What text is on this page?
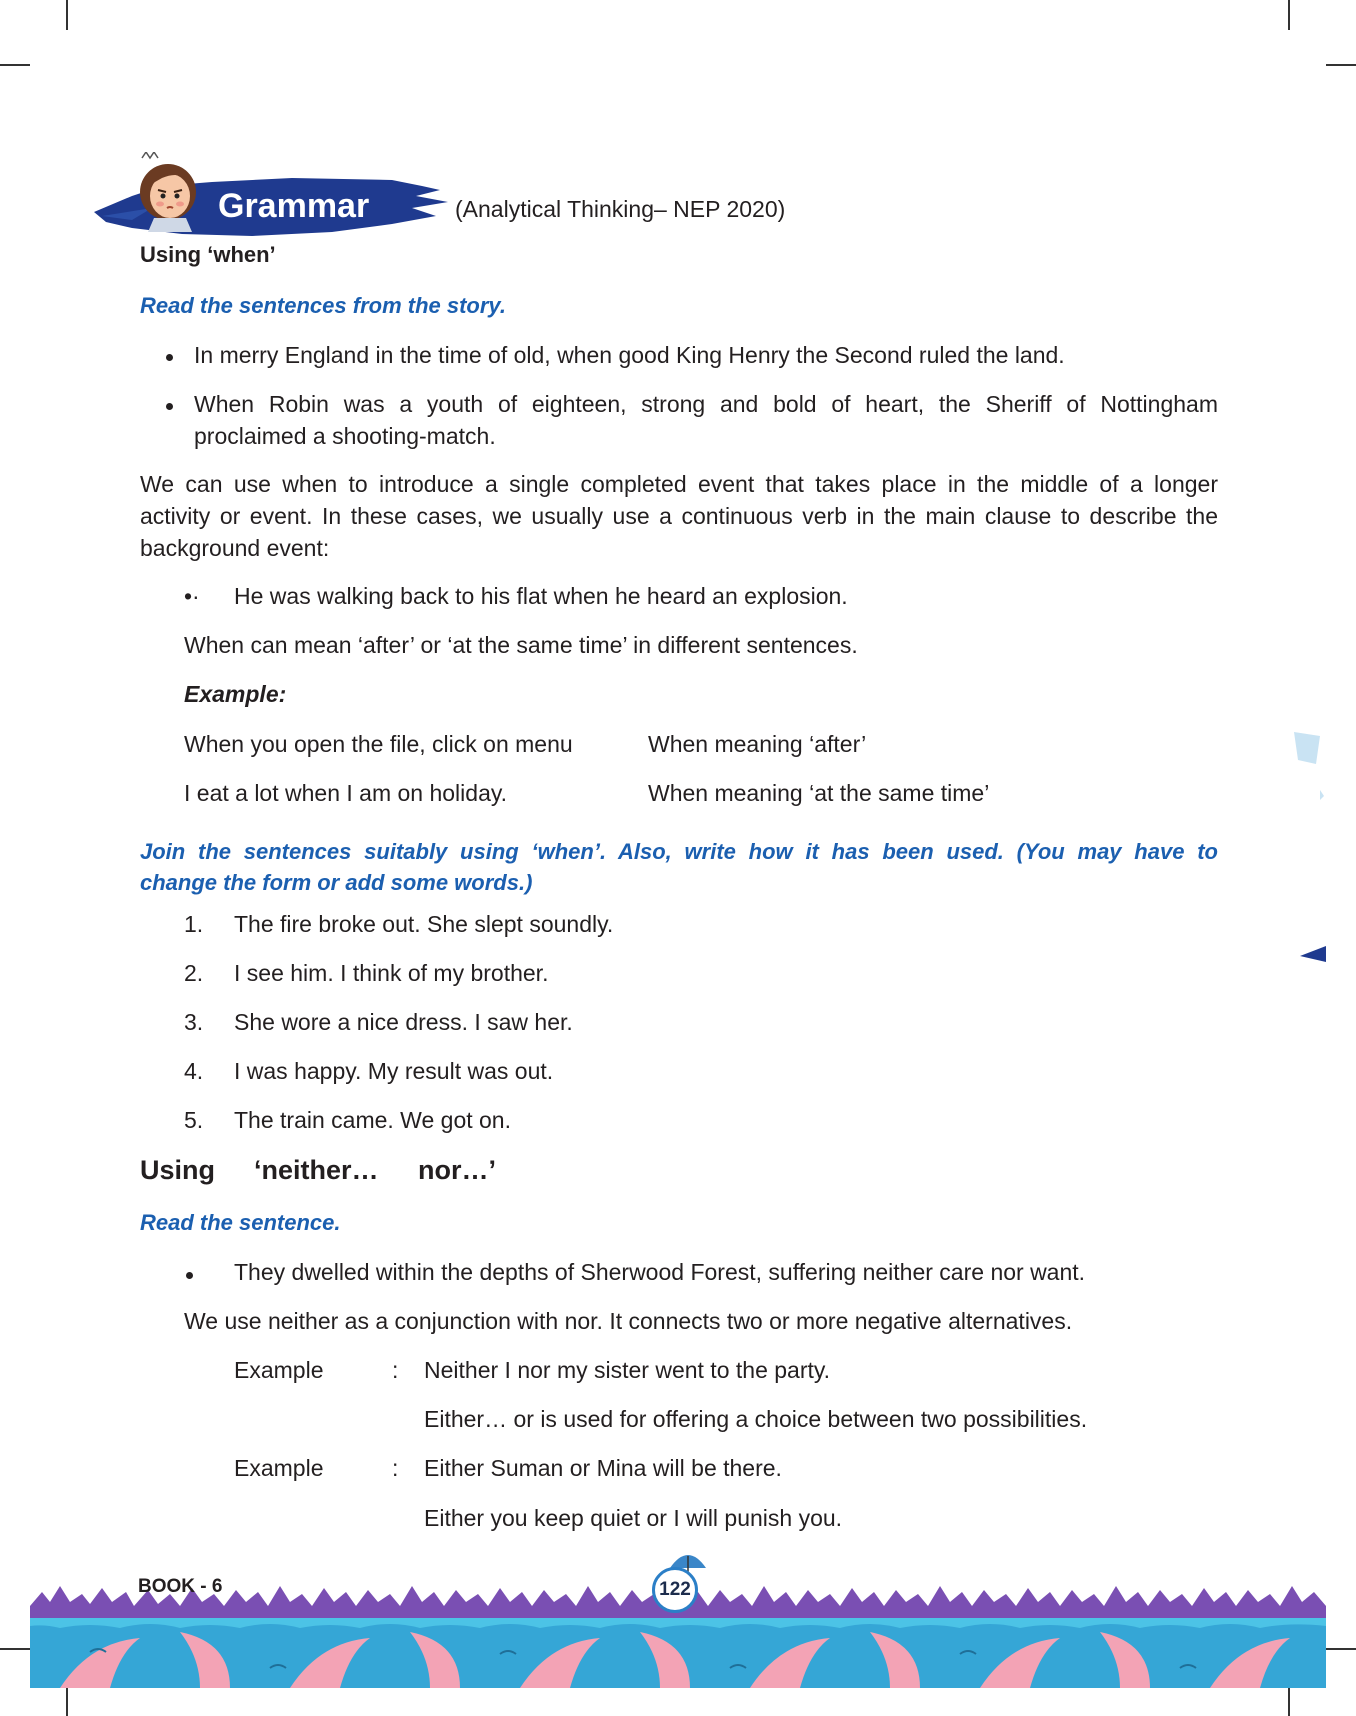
Grammar	(Analytical Thinking– NEP 2020)
Using ‘when’
Read the sentences from the story.
In merry England in the time of old, when good King Henry the Second ruled the land.
When Robin was a youth of eighteen, strong and bold of heart, the Sheriff of Nottingham
proclaimed a shooting-match.
We can use when to introduce a single completed event that takes place in the middle of a longer
activity or event. In these cases, we usually use a continuous verb in the main clause to describe the
background event:
•· He was walking back to his flat when he heard an explosion.
When can mean ‘after’ or ‘at the same time’ in different sentences.
Example:
When you open the file, click on menu	When meaning ‘after’
I eat a lot when I am on holiday.	When meaning ‘at the same time’
Join the sentences suitably using ‘when’. Also, write how it has been used. (You may have to
change the form or add some words.)
1. The fire broke out. She slept soundly.
2. I see him. I think of my brother.
3. She wore a nice dress. I saw her.
4. I was happy. My result was out.
5. The train came. We got on.
Using ‘neither… nor…’
Read the sentence.
They dwelled within the depths of Sherwood Forest, suffering neither care nor want.
We use neither as a conjunction with nor. It connects two or more negative alternatives.
Example	: Neither I nor my sister went to the party.
Either… or is used for offering a choice between two possibilities.
Example	: Either Suman or Mina will be there.
Either you keep quiet or I will punish you.
BOOK - 6	122
